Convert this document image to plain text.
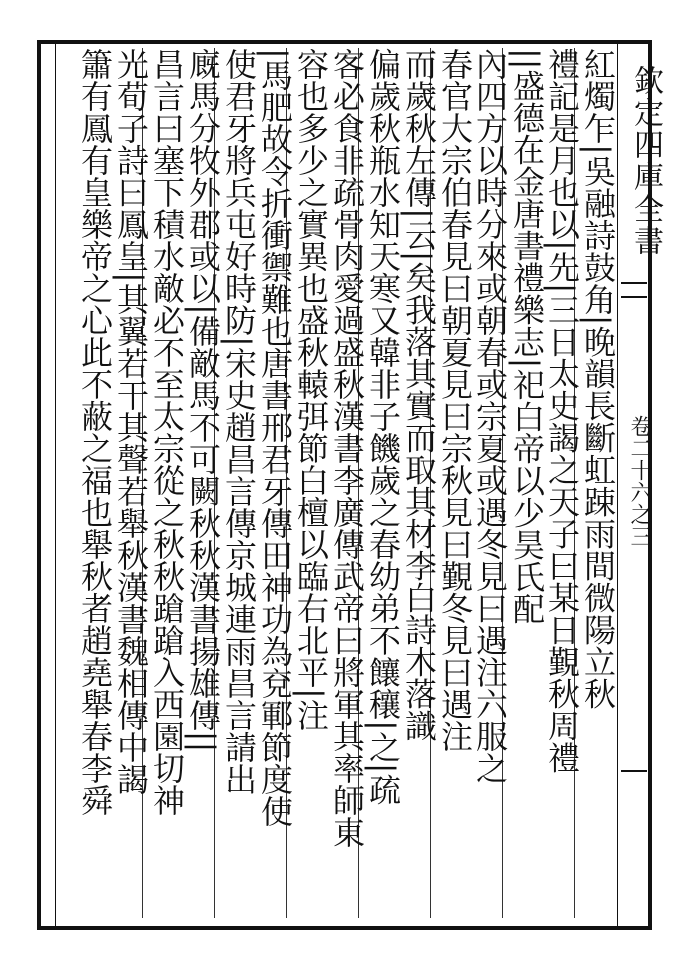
欽定四庫全書
卷二十六之三
紅燭乍|吳融詩鼓角|晚韻長斷虹踈雨間微陽立秋
禮記是月也以|先|三日太史謁之天子曰某日覲秋周禮
||盛德在金唐書禮樂志|祀白帝以少昊氏配
內四方以時分來或朝春或宗夏或遇冬見曰遇注六服之
春官大宗伯春見曰朝夏見曰宗秋見曰覲冬見曰遇注
而歲秋左傳|云|矣我落其實而取其材李白詩木落識
偏歲秋瓶水知天寒又韓非子饑歲之春幼弟不饟穰|之|疏
客必食非疏骨肉愛過盛秋漢書李廣傳武帝曰將軍其率師東
容也多少之實異也盛秋轅弭節白檀以臨右北平|注
|馬肥故令折衝禦難也唐書邢君牙傳田神功為兗鄆節度使
使君牙將兵屯好時防|宋史趙昌言傳京城連雨昌言請出
廐馬分牧外郡或以|備敵馬不可闕秋秋漢書揚雄傳||
昌言曰塞下積水敵必不至太宗從之秋秋蹌蹌入西園切神
光荀子詩曰鳳皇|其翼若干其聲若舉秋漢書魏相傳中謁
簫有鳳有皇樂帝之心此不蔽之福也舉秋者趙堯舉春李舜
